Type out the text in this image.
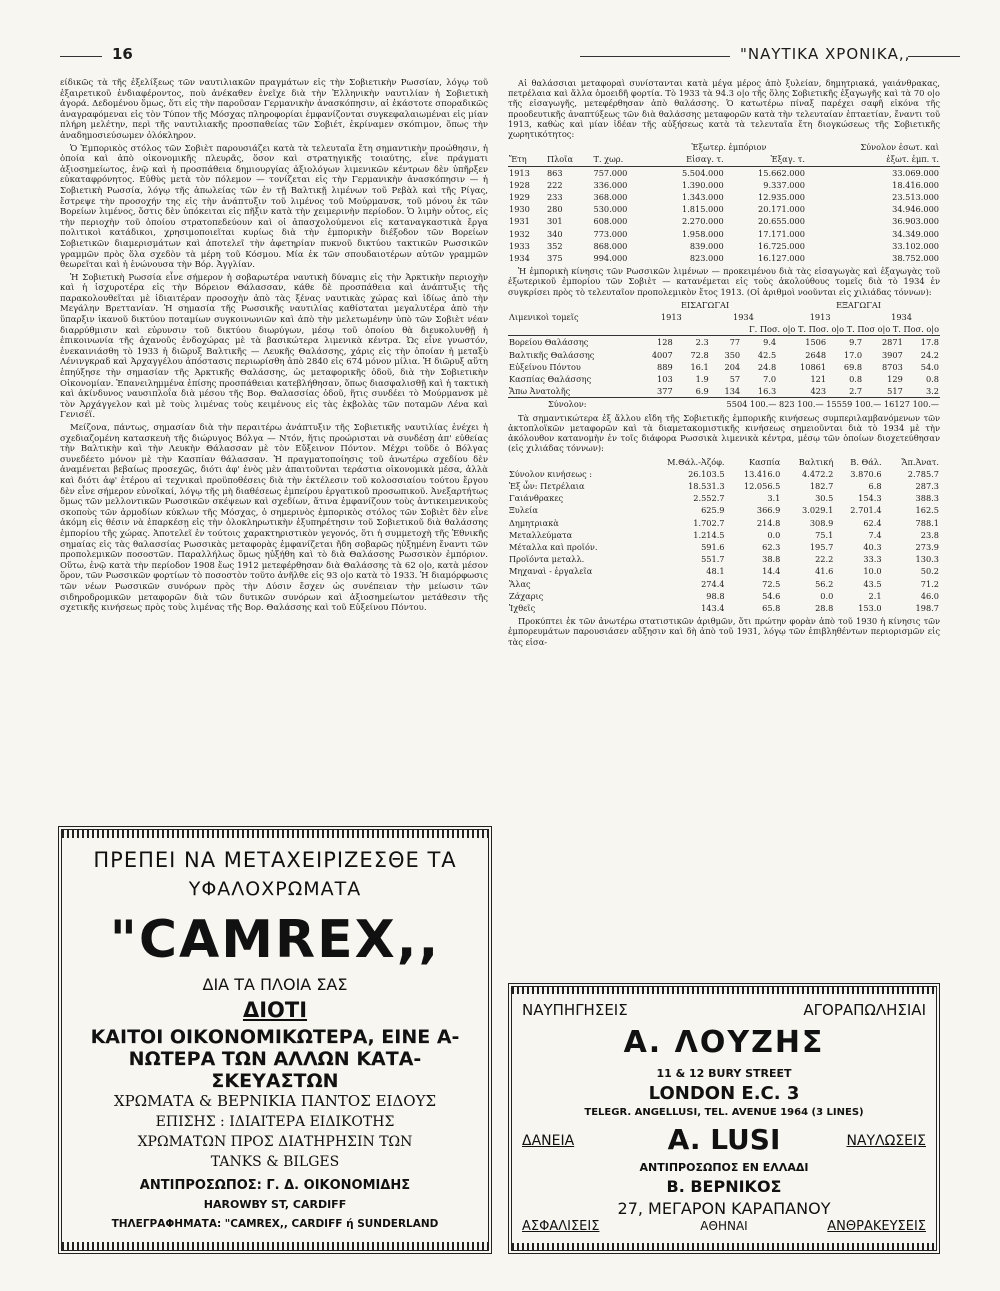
16	"ΝΑΥΤΙΚΑ ΧΡΟΝΙΚΑ,,

είδικῶς τὰ τῆς ἐξελίξεως τῶν ναυτιλιακῶν πραγμάτων εἰς τὴν Σοβιετικὴν Ρωσσίαν, λόγῳ τοῦ ἐξαιρετικοῦ ἐνδιαφέροντος, ποὺ ἀνέκαθεν ἐνεῖχε διὰ τὴν Ἑλληνικὴν ναυτιλίαν ἡ Σοβιετικὴ ἀγορά. Δεδομένου ὅμως, ὅτι εἰς τὴν παροῦσαν Γερμανικὴν ἀνασκόπησιν, αἱ ἑκάστοτε σποραδικῶς ἀναγραφόμεναι εἰς τὸν Τύπον τῆς Μόσχας πληροφορίαι ἐμφανίζονται συγκεφαλαιωμέναι εἰς μίαν πλήρη μελέτην, περὶ τῆς ναυτιλιακῆς προσπαθείας τῶν Σοβιέτ, ἐκρίναμεν σκόπιμον, ὅπως τὴν ἀναδημοσιεύσωμεν ὁλόκληρον.

Ὁ Ἐμπορικὸς στόλος τῶν Σοβιὲτ παρουσιάζει κατὰ τὰ τελευταῖα ἔτη σημαντικὴν προώθησιν, ἡ ὁποία καὶ ἀπὸ οἰκονομικῆς πλευρᾶς, ὅσον καὶ στρατηγικῆς τοιαύτης, εἶνε πράγματι ἀξιοσημείωτος, ἐνῷ καὶ ἡ προσπάθεια δημιουργίας ἀξιολόγων λιμενικῶν κέντρων δὲν ὑπῆρξεν εὐκαταφρόνητος. Εὐθὺς μετὰ τὸν πόλεμον — τονίζεται εἰς τὴν Γερμανικὴν ἀνασκόπησιν — ἡ Σοβιετικὴ Ρωσσία, λόγῳ τῆς ἀπωλείας τῶν ἐν τῇ Βαλτικῇ λιμένων τοῦ Ρεβὰλ καὶ τῆς Ρίγας, ἔστρεψε τὴν προσοχήν της εἰς τὴν ἀνάπτυξιν τοῦ λιμένος τοῦ Μούρμανσκ, τοῦ μόνου ἐκ τῶν Βορείων λιμένος, ὅστις δὲν ὑπόκειται εἰς πῆξιν κατὰ τὴν χειμερινὴν περίοδον. Ὁ λιμὴν οὗτος, εἰς τὴν περιοχὴν τοῦ ὁποίου στρατοπεδεύουν καὶ οἱ ἀπασχολούμενοι εἰς καταναγκαστικὰ ἔργα πολιτικοὶ κατάδικοι, χρησιμοποιεῖται κυρίως διὰ τὴν ἐμπορικὴν διέξοδον τῶν Βορείων Σοβιετικῶν διαμερισμάτων καὶ ἀποτελεῖ τὴν ἀφετηρίαν πυκνοῦ δικτύου τακτικῶν Ρωσσικῶν γραμμῶν πρὸς ὅλα σχεδὸν τὰ μέρη τοῦ Κόσμου. Μία ἐκ τῶν σπουδαιοτέρων αὐτῶν γραμμῶν θεωρεῖται καὶ ἡ ἑνώνουσα τὴν Βόρ. Ἀγγλίαν.

Ἡ Σοβιετικὴ Ρωσσία εἶνε σήμερον ἡ σοβαρωτέρα ναυτικὴ δύναμις εἰς τὴν Ἀρκτικὴν περιοχὴν καὶ ἡ ἰσχυροτέρα εἰς τὴν Βόρειον Θάλασσαν, κάθε δὲ προσπάθεια καὶ ἀνάπτυξις τῆς παρακολουθεῖται μὲ ἰδιαιτέραν προσοχὴν ἀπὸ τὰς ξένας ναυτικὰς χώρας καὶ ἰδίως ἀπὸ τὴν Μεγάλην Βρεττανίαν. Ἡ σημασία τῆς Ρωσσικῆς ναυτιλίας καθίσταται μεγαλυτέρα ἀπὸ τὴν ὕπαρξιν ἱκανοῦ δικτύου ποταμίων συγκοινωνιῶν καὶ ἀπὸ τὴν μελετωμένην ὑπὸ τῶν Σοβιὲτ νέαν διαρρύθμισιν καὶ εὐρυνσιν τοῦ δικτύου διωρύγων, μέσῳ τοῦ ὁποίου θὰ διευκολυνθῇ ἡ ἐπικοινωνία τῆς ἀχανοῦς ἐνδοχώρας μὲ τὰ βασικώτερα λιμενικὰ κέντρα. Ὡς εἶνε γνωστόν, ἐνεκαινιάσθη τὸ 1933 ἡ διῶρυξ Βαλτικῆς — Λευκῆς Θαλάσσης, χάρις εἰς τὴν ὁποίαν ἡ μεταξὺ Λένινγκραδ καὶ Ἀρχαγγέλου ἀπόστασις περιωρίσθη ἀπὸ 2840 εἰς 674 μόνον μίλια. Ἡ διῶρυξ αὕτη ἐπηύξησε τὴν σημασίαν τῆς Ἀρκτικῆς Θαλάσσης, ὡς μεταφορικῆς ὁδοῦ, διὰ τὴν Σοβιετικὴν Οἰκονομίαν. Ἐπανειλημμένα ἐπίσης προσπάθειαι κατεβλήθησαν, ὅπως διασφαλισθῇ καὶ ἡ τακτικὴ καὶ ἀκίνδυνος ναυσιπλοΐα διὰ μέσου τῆς Βορ. Θαλασσίας ὁδοῦ, ἥτις συνδέει τὸ Μούρμανσκ μὲ τὸν Ἀρχάγγελον καὶ μὲ τοὺς λιμένας τοὺς κειμένους εἰς τὰς ἐκβολὰς τῶν ποταμῶν Λένα καὶ Γενισέϊ.

Μείζονα, πάντως, σημασίαν διὰ τὴν περαιτέρω ἀνάπτυξιν τῆς Σοβιετικῆς ναυτιλίας ἐνέχει ἡ σχεδιαζομένη κατασκευὴ τῆς διώρυγος Βόλγα — Ντόν, ἥτις προώρισται νὰ συνδέσῃ ἀπ' εὐθείας τὴν Βαλτικὴν καὶ τὴν Λευκὴν Θάλασσαν μὲ τὸν Εὔξεινον Πόντον. Μέχρι τοῦδε ὁ Βόλγας συνεδέετο μόνον μὲ τὴν Κασπίαν θάλασσαν. Ἡ πραγματοποίησις τοῦ ἀνωτέρω σχεδίου δὲν ἀναμένεται βεβαίως προσεχῶς, διότι ἀφ' ἑνὸς μὲν ἀπαιτοῦνται τεράστια οἰκονομικὰ μέσα, ἀλλὰ καὶ διότι ἀφ' ἑτέρου αἱ τεχνικαὶ προϋποθέσεις διὰ τὴν ἐκτέλεσιν τοῦ κολοσσιαίου τούτου ἔργου δὲν εἶνε σήμερον εὐνοϊκαί, λόγῳ τῆς μὴ διαθέσεως ἐμπείρου ἐργατικοῦ προσωπικοῦ. Ἀνεξαρτήτως ὅμως τῶν μελλοντικῶν Ρωσσικῶν σκέψεων καὶ σχεδίων, ἅτινα ἐμφανίζουν τοὺς ἀντικειμενικοὺς σκοποὺς τῶν ἁρμοδίων κύκλων τῆς Μόσχας, ὁ σημερινὸς ἐμπορικὸς στόλος τῶν Σοβιὲτ δὲν εἶνε ἀκόμη εἰς θέσιν νὰ ἐπαρκέσῃ εἰς τὴν ὁλοκληρωτικὴν ἐξυπηρέτησιν τοῦ Σοβιετικοῦ διὰ θαλάσσης ἐμπορίου τῆς χώρας. Ἀποτελεῖ ἐν τούτοις χαρακτηριστικὸν γεγονός, ὅτι ἡ συμμετοχὴ τῆς Ἐθνικῆς σημαίας εἰς τὰς θαλασσίας Ρωσσικὰς μεταφορὰς ἐμφανίζεται ἤδη σοβαρῶς ηὐξημένη ἔναντι τῶν προπολεμικῶν ποσοστῶν. Παραλλήλως ὅμως ηὐξήθη καὶ τὸ διὰ Θαλάσσης Ρωσσικὸν ἐμπόριον. Οὕτω, ἐνῷ κατὰ τὴν περίοδον 1908 ἕως 1912 μετεφέρθησαν διὰ Θαλάσσης τὰ 62 ο|ο, κατὰ μέσον ὅρον, τῶν Ρωσσικῶν φορτίων τὸ ποσοστὸν τοῦτο ἀνῆλθε εἰς 93 ο|ο κατὰ τὸ 1933. Ἡ διαμόρφωσις τῶν νέων Ρωσσικῶν συνόρων πρὸς τὴν Δύσιν ἔσχεν ὡς συνέπειαν τὴν μείωσιν τῶν σιδηροδρομικῶν μεταφορῶν διὰ τῶν δυτικῶν συνόρων καὶ ἀξιοσημείωτον μετάθεσιν τῆς σχετικῆς κινήσεως πρὸς τοὺς λιμένας τῆς Βορ. Θαλάσσης καὶ τοῦ Εὐξείνου Πόντου.

Αἱ θαλάσσιαι μεταφοραὶ συνίστανται κατὰ μέγα μέρος ἀπὸ ξυλείαν, δημητριακά, γαιάνθρακας, πετρέλαια καὶ ἄλλα ὁμοειδῆ φορτία. Τὸ 1933 τὰ 94.3 ο|ο τῆς ὅλης Σοβιετικῆς ἐξαγωγῆς καὶ τὰ 70 ο|ο τῆς εἰσαγωγῆς, μετεφέρθησαν ἀπὸ θαλάσσης. Ὁ κατωτέρω πίναξ παρέχει σαφῆ εἰκόνα τῆς προοδευτικῆς ἀναπτύξεως τῶν διὰ θαλάσσης μεταφορῶν κατὰ τὴν τελευταίαν ἑπταετίαν, ἔναντι τοῦ 1913, καθὼς καὶ μίαν ἰδέαν τῆς αὐξήσεως κατὰ τὰ τελευταῖα ἔτη διογκώσεως τῆς Σοβιετικῆς χωρητικότητος:

			Ἐξωτερ. ἐμπόριον		Σύνολον ἐσωτ. καὶ
Ἔτη	Πλοῖα	Τ. χωρ.	Εἰσαγ. τ.	Ἐξαγ. τ.	ἐξωτ. ἐμπ. τ.
1913	863	757.000	5.504.000	15.662.000	33.069.000
1928	222	336.000	1.390.000	9.337.000	18.416.000
1929	233	368.000	1.343.000	12.935.000	23.513.000
1930	280	530.000	1.815.000	20.171.000	34.946.000
1931	301	608.000	2.270.000	20.655.000	36.903.000
1932	340	773.000	1.958.000	17.171.000	34.349.000
1933	352	868.000	839.000	16.725.000	33.102.000
1934	375	994.000	823.000	16.127.000	38.752.000

Ἡ ἐμπορικὴ κίνησις τῶν Ρωσσικῶν λιμένων — προκειμένου διὰ τὰς εἰσαγωγὰς καὶ ἐξαγωγὰς τοῦ ἐξωτερικοῦ ἐμπορίου τῶν Σοβιὲτ — κατανέμεται εἰς τοὺς ἀκολούθους τομεῖς διὰ τὸ 1934 ἐν συγκρίσει πρὸς τὸ τελευταῖον προπολεμικὸν ἔτος 1913. (Οἱ ἀριθμοὶ νοοῦνται εἰς χιλιάδας τόννων):

	ΕΙΣΑΓΩΓΑΙ				ΕΞΑΓΩΓΑΙ			
Λιμενικοὶ τομεῖς	1913		1934		1913		1934	
	Γ. Ποσ. ο|ο Τ. Ποσ. ο|ο Τ. Ποσ ο|ο Τ. Ποσ. ο|ο							
Βορείου Θαλάσσης	128	2.3	77	9.4	1506	9.7	2871	17.8
Βαλτικῆς Θαλάσσης	4007	72.8	350	42.5	2648	17.0	3907	24.2
Εὐξείνου Πόντου	889	16.1	204	24.8	10861	69.8	8703	54.0
Κασπίας Θαλάσσης	103	1.9	57	7.0	121	0.8	129	0.8
Ἄπω Ἀνατολῆς	377	6.9	134	16.3	423	2.7	517	3.2
Σύνολον:	5504 100.— 823 100.— 15559 100.— 16127 100.—							

Τὰ σημαντικώτερα ἐξ ἄλλου εἴδη τῆς Σοβιετικῆς ἐμπορικῆς κινήσεως συμπεριλαμβανόμενων τῶν ἀκτοπλοϊκῶν μεταφορῶν καὶ τὰ διαμετακομιστικῆς κινήσεως σημειοῦνται διὰ τὸ 1934 μὲ τὴν ἀκόλουθον κατανομὴν ἐν τοῖς διάφορα Ρωσσικὰ λιμενικὰ κέντρα, μέσῳ τῶν ὁποίων διοχετεύθησαν (εἰς χιλιάδας τόννων):

	Μ.Θάλ.-Ἀζόφ.	Κασπία	Βαλτική	Β. Θάλ.	Ἄπ.Ἀνατ.
Σύνολον κινήσεως :	26.103.5	13.416.0	4.472.2	3.870.6	2.785.7
Ἐξ ὧν: Πετρέλαια	18.531.3	12.056.5	182.7	6.8	287.3
Γαιάνθρακες	2.552.7	3.1	30.5	154.3	388.3
Ξυλεία	625.9	366.9	3.029.1	2.701.4	162.5
Δημητριακὰ	1.702.7	214.8	308.9	62.4	788.1
Μεταλλεύματα	1.214.5	0.0	75.1	7.4	23.8
Μέταλλα καὶ προϊόν.	591.6	62.3	195.7	40.3	273.9
Προϊόντα μεταλλ.	551.7	38.8	22.2	33.3	130.3
Μηχαναὶ - ἐργαλεῖα	48.1	14.4	41.6	10.0	50.2
Ἅλας	274.4	72.5	56.2	43.5	71.2
Ζάχαρις	98.8	54.6	0.0	2.1	46.0
Ἰχθεῖς	143.4	65.8	28.8	153.0	198.7

Προκύπτει ἐκ τῶν ἀνωτέρω στατιστικῶν ἀριθμῶν, ὅτι πρώτην φορὰν ἀπὸ τοῦ 1930 ἡ κίνησις τῶν ἐμπορευμάτων παρουσιάσεν αὔξησιν καὶ δὴ ἀπὸ τοῦ 1931, λόγῳ τῶν ἐπιβληθέντων περιορισμῶν εἰς τὰς εἰσα-

ΠΡΕΠΕΙ ΝΑ ΜΕΤΑΧΕΙΡΙΖΕΣΘΕ ΤΑ
ΥΦΑΛΟΧΡΩΜΑΤΑ
"CAMREX,,
ΔΙΑ ΤΑ ΠΛΟΙΑ ΣΑΣ
ΔΙΟΤΙ
ΚΑΙΤΟΙ ΟΙΚΟΝΟΜΙΚΩΤΕΡΑ, ΕΙΝΕ Α-
ΝΩΤΕΡΑ ΤΩΝ ΑΛΛΩΝ ΚΑΤΑ-
ΣΚΕΥΑΣΤΩΝ
ΧΡΩΜΑΤΑ & ΒΕΡΝΙΚΙΑ ΠΑΝΤΟΣ ΕΙΔΟΥΣ
ΕΠΙΣΗΣ : ΙΔΙΑΙΤΕΡΑ ΕΙΔΙΚΟΤΗΣ
ΧΡΩΜΑΤΩΝ ΠΡΟΣ ΔΙΑΤΗΡΗΣΙΝ ΤΩΝ
TANKS & BILGES
ΑΝΤΙΠΡΟΣΩΠΟΣ: Γ. Δ. ΟΙΚΟΝΟΜΙΔΗΣ
HAROWBY ST, CARDIFF
ΤΗΛΕΓΡΑΦΗΜΑΤΑ: "CAMREX,, CARDIFF ή SUNDERLAND
ΝΑΥΠΗΓΗΣΕΙΣ	ΑΓΟΡΑΠΩΛΗΣΙΑΙ
Α. ΛΟΥΖΗΣ
11 & 12 BURY STREET
LONDON E.C. 3
TELEGR. ANGELLUSI, TEL. AVENUE 1964 (3 LINES)
ΔΑΝΕΙΑ	A. LUSI	ΝΑΥΛΩΣΕΙΣ
ΑΝΤΙΠΡΟΣΩΠΟΣ ΕΝ ΕΛΛΑΔΙ
Β. ΒΕΡΝΙΚΟΣ
27, ΜΕΓΑΡΟΝ ΚΑΡΑΠΑΝΟΥ
ΑΘΗΝΑΙ
ΑΣΦΑΛΙΣΕΙΣ	ΑΝΘΡΑΚΕΥΣΕΙΣ
